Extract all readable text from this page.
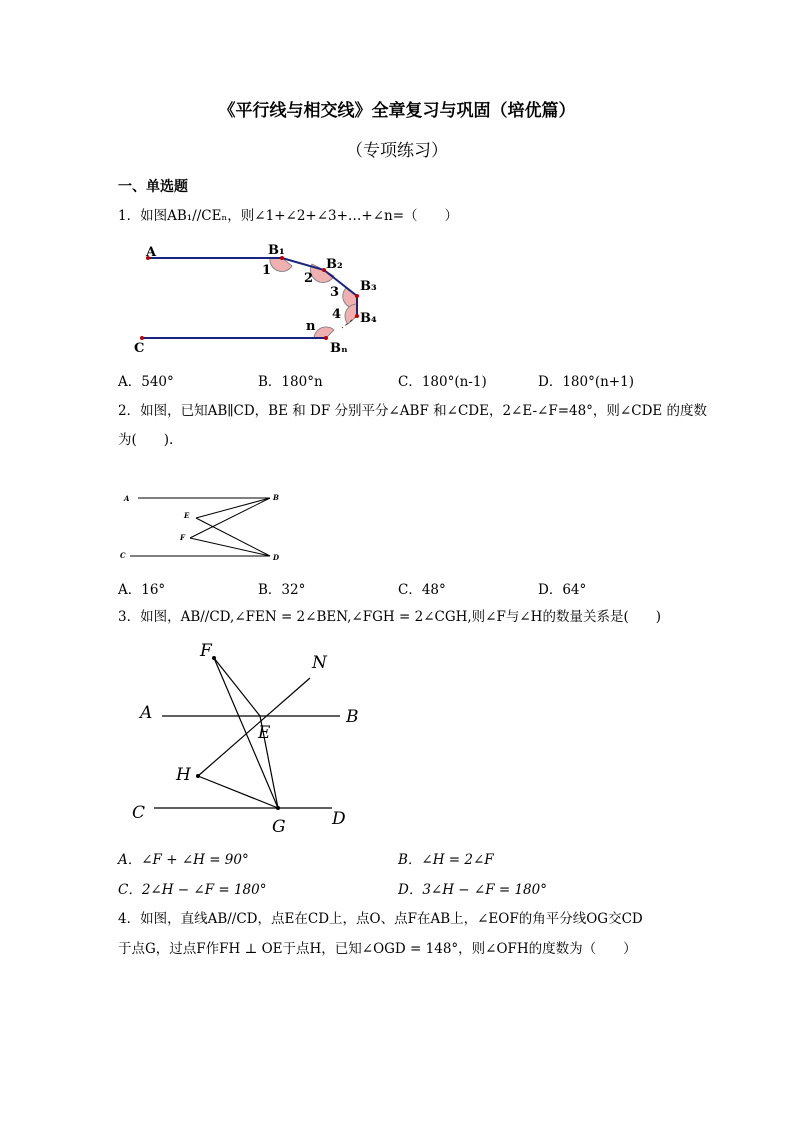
《平行线与相交线》全章复习与巩固（培优篇）
（专项练习）
一、单选题
1．如图AB₁//CEₙ，则∠1+∠2+∠3+…+∠n=（　　）
A	B₁
1	B₂
2
B₃
3
B₄
4
n
C	Bₙ
A．540°	B．180°n	C．180°(n-1)	D．180°(n+1)
2．如图，已知AB∥CD，BE 和 DF 分别平分∠ABF 和∠CDE，2∠E-∠F=48°，则∠CDE 的度数
为(　　).
A	B
E
F
C	D
A．16°	B．32°	C．48°	D．64°
3．如图，AB//CD,∠FEN = 2∠BEN,∠FGH = 2∠CGH,则∠F与∠H的数量关系是(　　)
F
N
A	B
E
H
C
G	D
A．∠F + ∠H = 90°	B．∠H = 2∠F
C．2∠H − ∠F = 180°	D．3∠H − ∠F = 180°
4．如图，直线AB//CD，点E在CD上，点O、点F在AB上，∠EOF的角平分线OG交CD
于点G，过点F作FH ⊥ OE于点H，已知∠OGD = 148°，则∠OFH的度数为（　　）
